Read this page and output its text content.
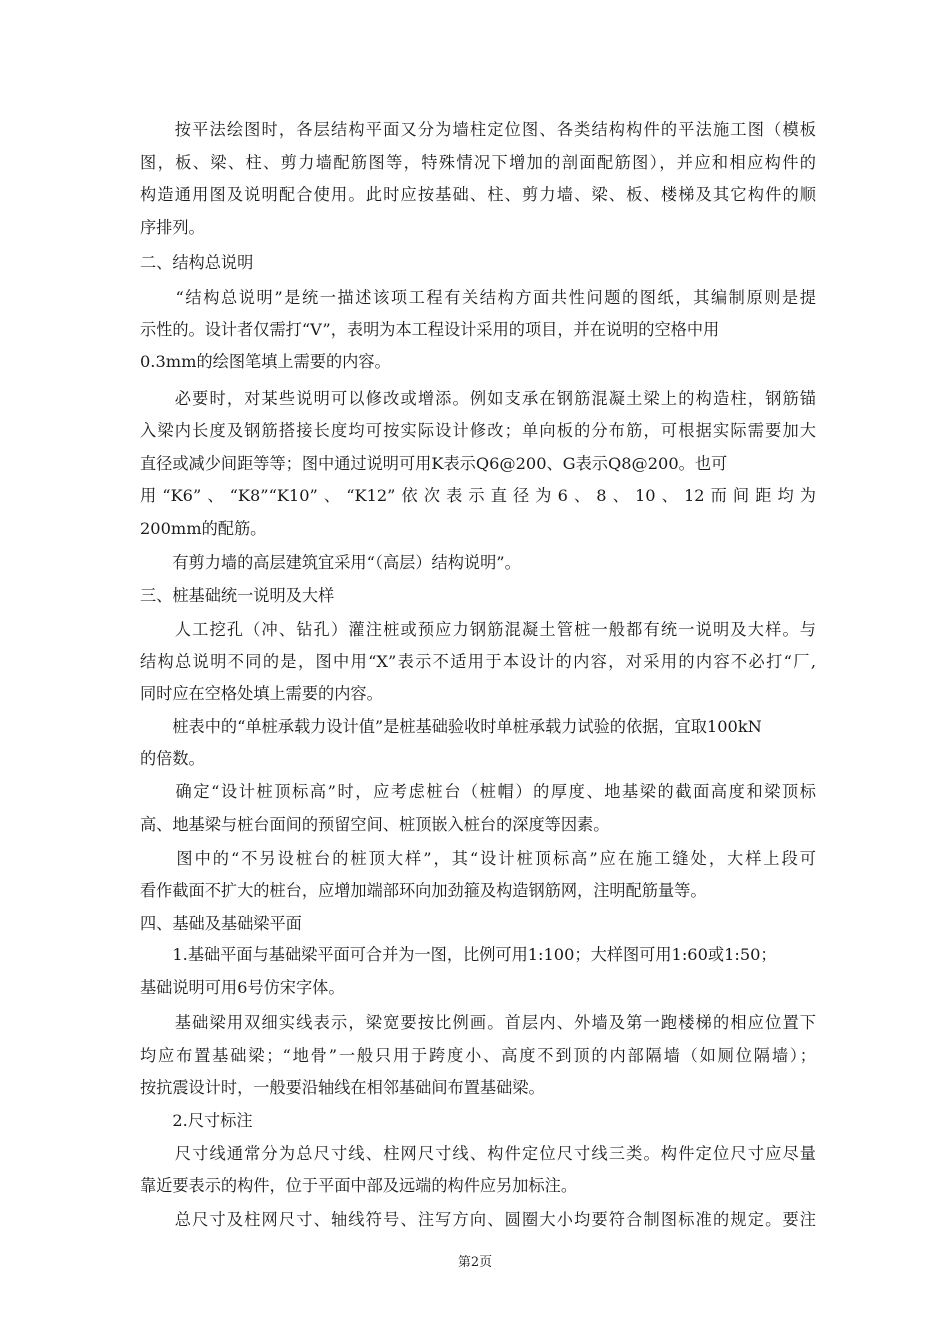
　　按平法绘图时，各层结构平面又分为墙柱定位图、各类结构构件的平法施工图（模板
图，板、梁、柱、剪力墙配筋图等，特殊情况下增加的剖面配筋图），并应和相应构件的
构造通用图及说明配合使用。此时应按基础、柱、剪力墙、梁、板、楼梯及其它构件的顺
序排列。
二、结构总说明
　　“结构总说明”是统一描述该项工程有关结构方面共性问题的图纸，其编制原则是提
示性的。设计者仅需打“V”，表明为本工程设计采用的项目，并在说明的空格中用
0.3mm的绘图笔填上需要的内容。
　　必要时，对某些说明可以修改或增添。例如支承在钢筋混凝土梁上的构造柱，钢筋锚
入梁内长度及钢筋搭接长度均可按实际设计修改；单向板的分布筋，可根据实际需要加大
直径或减少间距等等；图中通过说明可用K表示Q6@200、G表示Q8@200。也可
用“K6”、“K8”“K10”、“K12”依次表示直径为6、8、10、12而间距均为
200mm的配筋。
　　有剪力墙的高层建筑宜采用“（高层）结构说明”。
三、桩基础统一说明及大样
　　人工挖孔（冲、钻孔）灌注桩或预应力钢筋混凝土管桩一般都有统一说明及大样。与
结构总说明不同的是，图中用“X”表示不适用于本设计的内容，对采用的内容不必打“厂,
同时应在空格处填上需要的内容。
　　桩表中的“单桩承载力设计值”是桩基础验收时单桩承载力试验的依据，宜取100kN
的倍数。
　　确定“设计桩顶标高”时，应考虑桩台（桩帽）的厚度、地基梁的截面高度和梁顶标
高、地基梁与桩台面间的预留空间、桩顶嵌入桩台的深度等因素。
　　图中的“不另设桩台的桩顶大样”，其“设计桩顶标高”应在施工缝处，大样上段可
看作截面不扩大的桩台，应增加端部环向加劲箍及构造钢筋网，注明配筋量等。
四、基础及基础梁平面
　　1.基础平面与基础梁平面可合并为一图，比例可用1:100；大样图可用1:60或1:50；
基础说明可用6号仿宋字体。
　　基础梁用双细实线表示，梁宽要按比例画。首层内、外墙及第一跑楼梯的相应位置下
均应布置基础梁；“地骨”一般只用于跨度小、高度不到顶的内部隔墙（如厕位隔墙）；
按抗震设计时，一般要沿轴线在相邻基础间布置基础梁。
　　2.尺寸标注
　　尺寸线通常分为总尺寸线、柱网尺寸线、构件定位尺寸线三类。构件定位尺寸应尽量
靠近要表示的构件，位于平面中部及远端的构件应另加标注。
　　总尺寸及柱网尺寸、轴线符号、注写方向、圆圈大小均要符合制图标准的规定。要注
第2页
